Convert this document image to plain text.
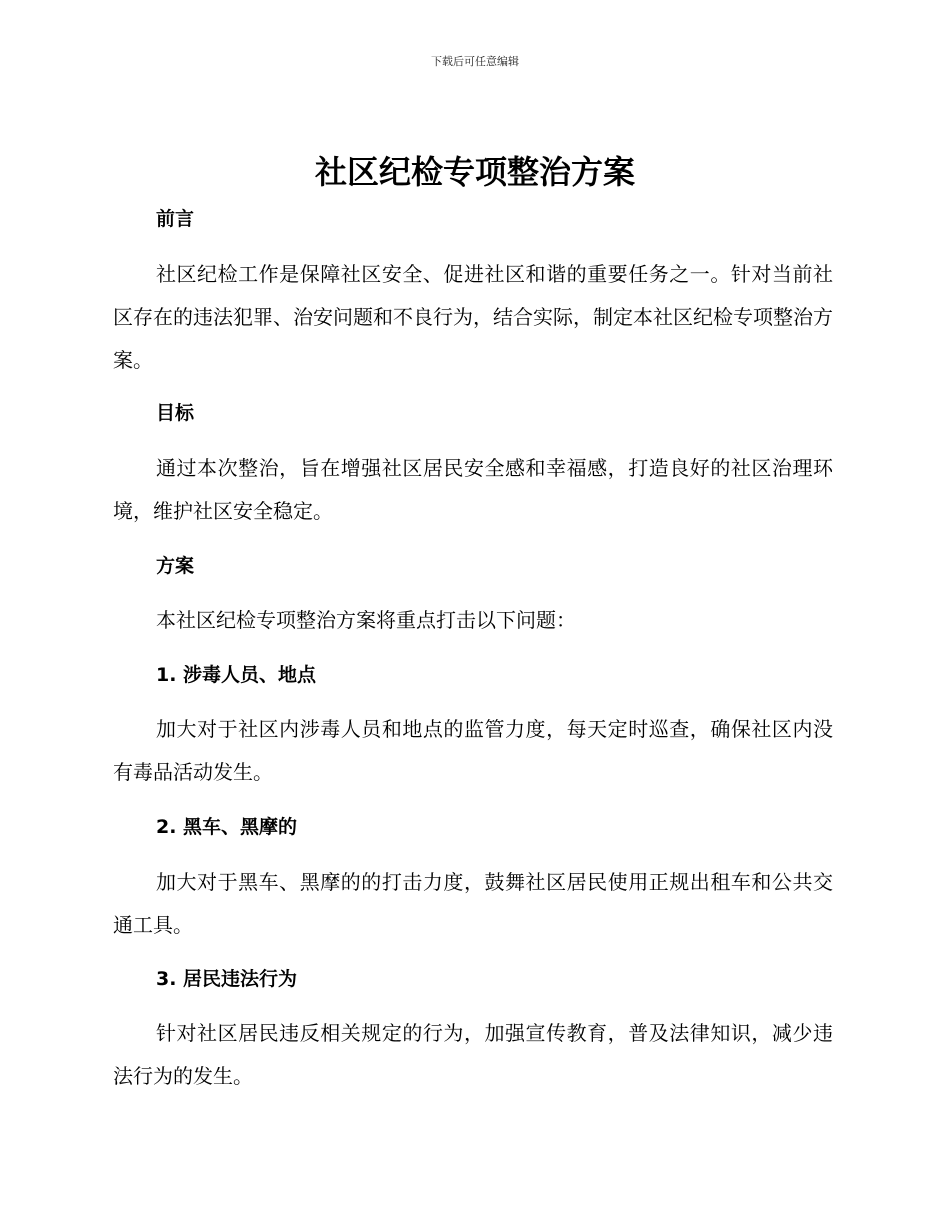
下载后可任意编辑
社区纪检专项整治方案
前言

社区纪检工作是保障社区安全、促进社区和谐的重要任务之一。针对当前社区存在的违法犯罪、治安问题和不良行为，结合实际，制定本社区纪检专项整治方案。

目标

通过本次整治，旨在增强社区居民安全感和幸福感，打造良好的社区治理环境，维护社区安全稳定。

方案

本社区纪检专项整治方案将重点打击以下问题：

1. 涉毒人员、地点

加大对于社区内涉毒人员和地点的监管力度，每天定时巡查，确保社区内没有毒品活动发生。

2. 黑车、黑摩的

加大对于黑车、黑摩的的打击力度，鼓舞社区居民使用正规出租车和公共交通工具。

3. 居民违法行为

针对社区居民违反相关规定的行为，加强宣传教育，普及法律知识，减少违法行为的发生。
